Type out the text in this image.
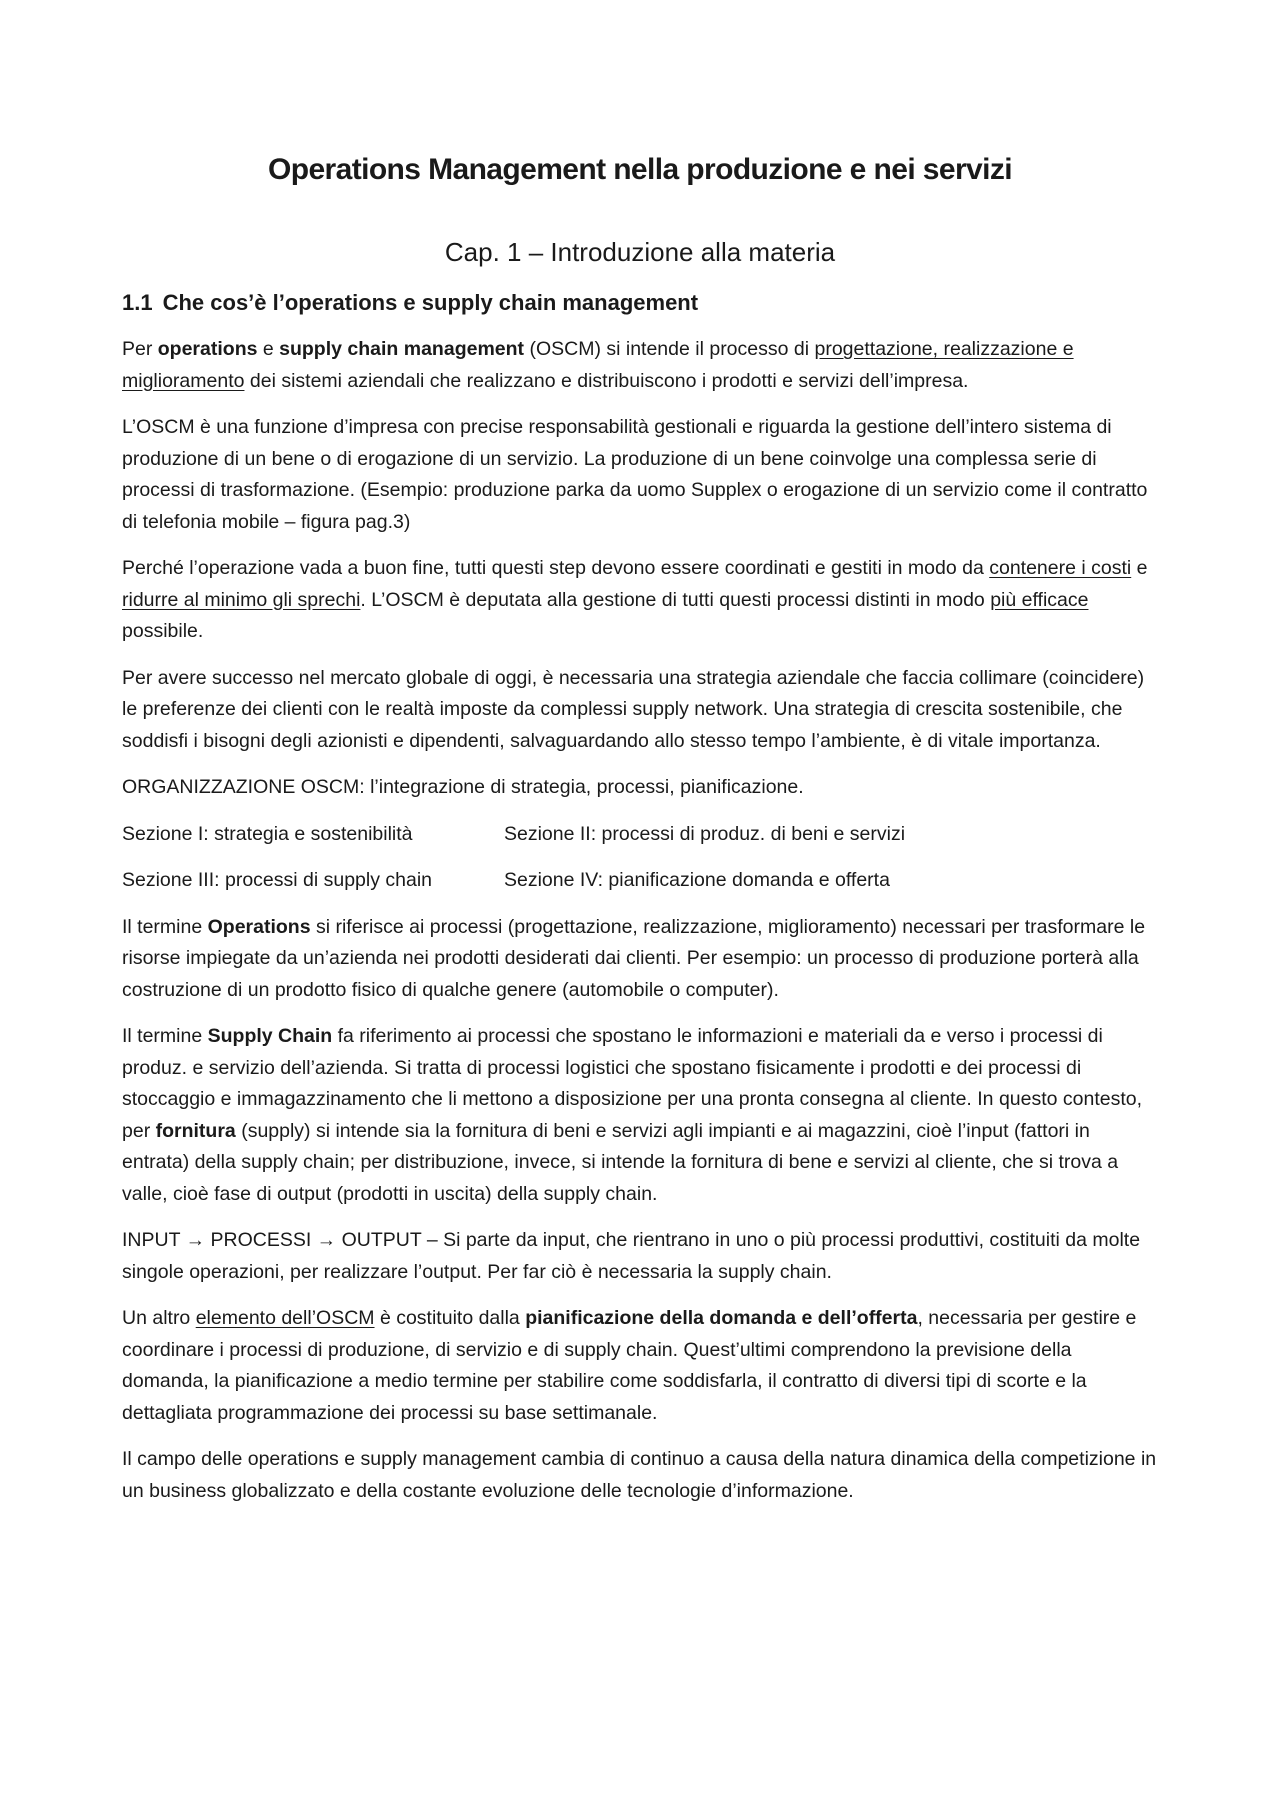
Operations Management nella produzione e nei servizi
Cap. 1 – Introduzione alla materia
1.1 Che cos’è l’operations e supply chain management

Per operations e supply chain management (OSCM) si intende il processo di progettazione, realizzazione e miglioramento dei sistemi aziendali che realizzano e distribuiscono i prodotti e servizi dell’impresa.

L’OSCM è una funzione d’impresa con precise responsabilità gestionali e riguarda la gestione dell’intero sistema di produzione di un bene o di erogazione di un servizio. La produzione di un bene coinvolge una complessa serie di processi di trasformazione. (Esempio: produzione parka da uomo Supplex o erogazione di un servizio come il contratto di telefonia mobile – figura pag.3)

Perché l’operazione vada a buon fine, tutti questi step devono essere coordinati e gestiti in modo da contenere i costi e ridurre al minimo gli sprechi. L’OSCM è deputata alla gestione di tutti questi processi distinti in modo più efficace possibile.

Per avere successo nel mercato globale di oggi, è necessaria una strategia aziendale che faccia collimare (coincidere) le preferenze dei clienti con le realtà imposte da complessi supply network. Una strategia di crescita sostenibile, che soddisfi i bisogni degli azionisti e dipendenti, salvaguardando allo stesso tempo l’ambiente, è di vitale importanza.

ORGANIZZAZIONE OSCM: l’integrazione di strategia, processi, pianificazione.

Sezione I: strategia e sostenibilità	Sezione II: processi di produz. di beni e servizi
Sezione III: processi di supply chain	Sezione IV: pianificazione domanda e offerta

Il termine Operations si riferisce ai processi (progettazione, realizzazione, miglioramento) necessari per trasformare le risorse impiegate da un’azienda nei prodotti desiderati dai clienti. Per esempio: un processo di produzione porterà alla costruzione di un prodotto fisico di qualche genere (automobile o computer).

Il termine Supply Chain fa riferimento ai processi che spostano le informazioni e materiali da e verso i processi di produz. e servizio dell’azienda. Si tratta di processi logistici che spostano fisicamente i prodotti e dei processi di stoccaggio e immagazzinamento che li mettono a disposizione per una pronta consegna al cliente. In questo contesto, per fornitura (supply) si intende sia la fornitura di beni e servizi agli impianti e ai magazzini, cioè l’input (fattori in entrata) della supply chain; per distribuzione, invece, si intende la fornitura di bene e servizi al cliente, che si trova a valle, cioè fase di output (prodotti in uscita) della supply chain.

INPUT → PROCESSI → OUTPUT – Si parte da input, che rientrano in uno o più processi produttivi, costituiti da molte singole operazioni, per realizzare l’output. Per far ciò è necessaria la supply chain.

Un altro elemento dell’OSCM è costituito dalla pianificazione della domanda e dell’offerta, necessaria per gestire e coordinare i processi di produzione, di servizio e di supply chain. Quest’ultimi comprendono la previsione della domanda, la pianificazione a medio termine per stabilire come soddisfarla, il contratto di diversi tipi di scorte e la dettagliata programmazione dei processi su base settimanale.

Il campo delle operations e supply management cambia di continuo a causa della natura dinamica della competizione in un business globalizzato e della costante evoluzione delle tecnologie d’informazione.
